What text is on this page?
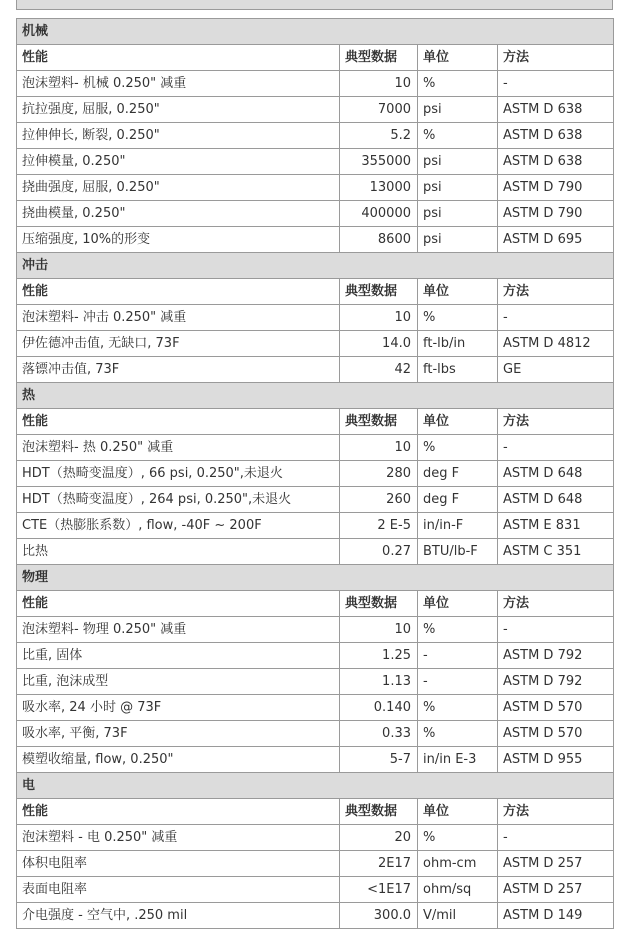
机械			
性能	典型数据	单位	方法
泡沫塑料- 机械 0.250" 减重	10	%	-
抗拉强度, 屈服, 0.250"	7000	psi	ASTM D 638
拉伸伸长, 断裂, 0.250"	5.2	%	ASTM D 638
拉伸模量, 0.250"	355000	psi	ASTM D 638
挠曲强度, 屈服, 0.250"	13000	psi	ASTM D 790
挠曲模量, 0.250"	400000	psi	ASTM D 790
压缩强度, 10%的形变	8600	psi	ASTM D 695
冲击			
性能	典型数据	单位	方法
泡沫塑料- 冲击 0.250" 减重	10	%	-
伊佐德冲击值, 无缺口, 73F	14.0	ft-lb/in	ASTM D 4812
落镖冲击值, 73F	42	ft-lbs	GE
热			
性能	典型数据	单位	方法
泡沫塑料- 热 0.250" 减重	10	%	-
HDT（热畸变温度）, 66 psi, 0.250",未退火	280	deg F	ASTM D 648
HDT（热畸变温度）, 264 psi, 0.250",未退火	260	deg F	ASTM D 648
CTE（热膨胀系数）, flow, -40F ~ 200F	2 E-5	in/in-F	ASTM E 831
比热	0.27	BTU/lb-F	ASTM C 351
物理			
性能	典型数据	单位	方法
泡沫塑料- 物理 0.250" 减重	10	%	-
比重, 固体	1.25	-	ASTM D 792
比重, 泡沫成型	1.13	-	ASTM D 792
吸水率, 24 小时 @ 73F	0.140	%	ASTM D 570
吸水率, 平衡, 73F	0.33	%	ASTM D 570
模塑收缩量, flow, 0.250"	5-7	in/in E-3	ASTM D 955
电			
性能	典型数据	单位	方法
泡沫塑料 - 电 0.250" 减重	20	%	-
体积电阻率	2E17	ohm-cm	ASTM D 257
表面电阻率	<1E17	ohm/sq	ASTM D 257
介电强度 - 空气中, .250 mil	300.0	V/mil	ASTM D 149
